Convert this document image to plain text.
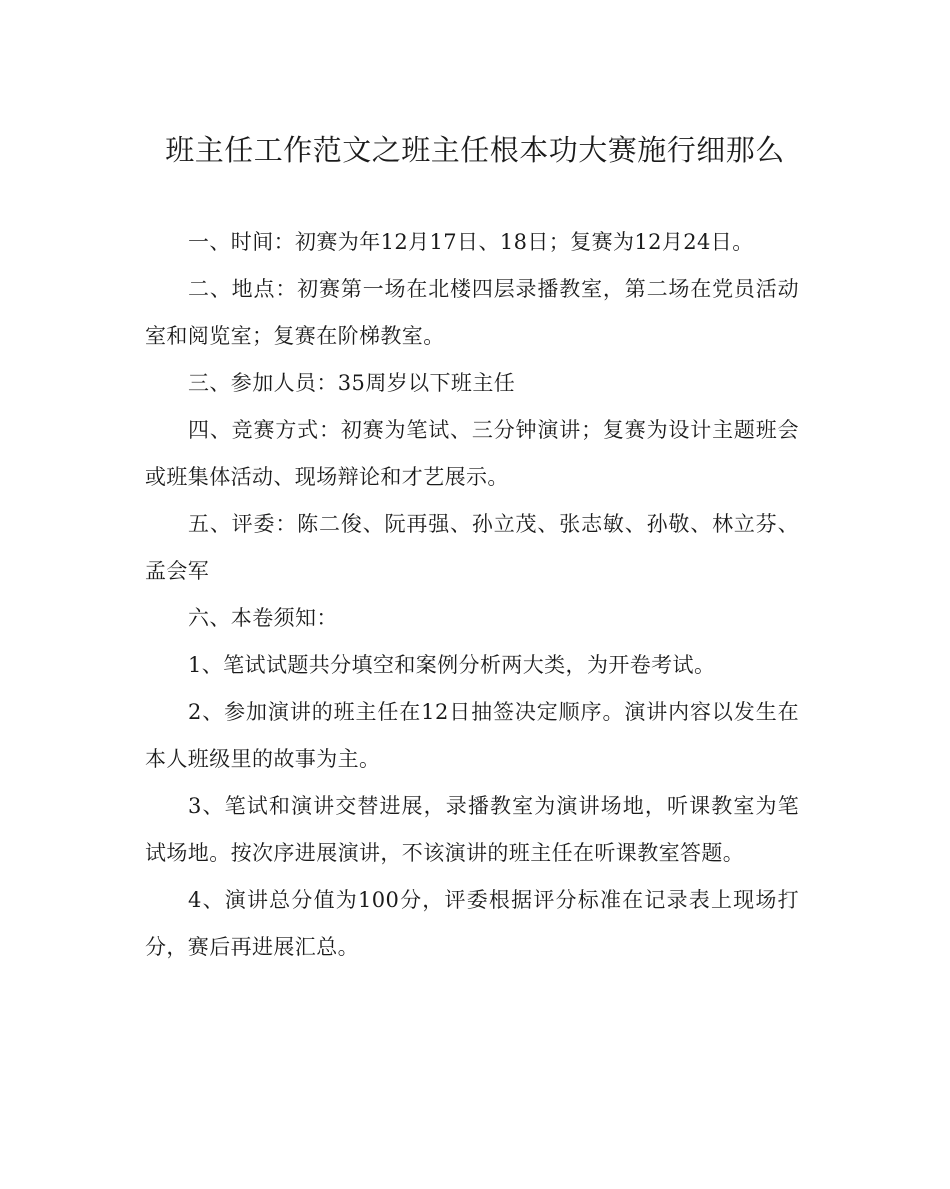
班主任工作范文之班主任根本功大赛施行细那么

一、时间：初赛为年12月17日、18日；复赛为12月24日。

二、地点：初赛第一场在北楼四层录播教室，第二场在党员活动室和阅览室；复赛在阶梯教室。

三、参加人员：35周岁以下班主任

四、竞赛方式：初赛为笔试、三分钟演讲；复赛为设计主题班会或班集体活动、现场辩论和才艺展示。

五、评委：陈二俊、阮再强、孙立茂、张志敏、孙敬、林立芬、孟会军

六、本卷须知：

1、笔试试题共分填空和案例分析两大类，为开卷考试。

2、参加演讲的班主任在12日抽签决定顺序。演讲内容以发生在本人班级里的故事为主。

3、笔试和演讲交替进展，录播教室为演讲场地，听课教室为笔试场地。按次序进展演讲，不该演讲的班主任在听课教室答题。

4、演讲总分值为100分，评委根据评分标准在记录表上现场打分，赛后再进展汇总。
